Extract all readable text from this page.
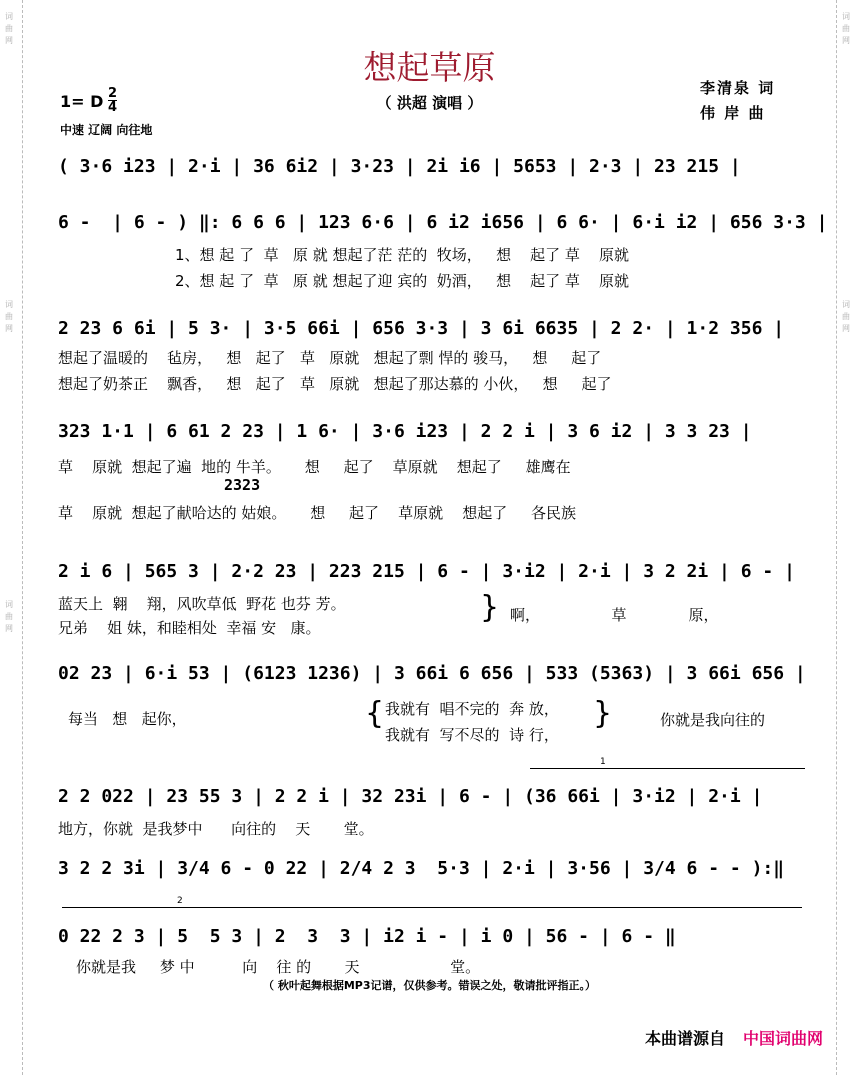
词
曲
网
词
曲
网
词
曲
网
词
曲
网
词
曲
网
想起草原
（ 洪超 演唱 ）
李清泉 词
伟 岸 曲
1= D $\frac{2}{4}$
中速 辽阔 向往地
( 3·6 i23 | 2·i | 36 6i2 | 3·23 | 2i i6 | 5653 | 2·3 | 23 215 |
6 -  | 6 - ) ‖: 6 6 6 | 123 6·6 | 6 i2 i656 | 6 6· | 6·i i2 | 656 3·3 |
1、想 起 了  草   原 就 想起了茫 茫的  牧场，   想    起了 草    原就
2、想 起 了  草   原 就 想起了迎 宾的  奶酒，   想    起了 草    原就
2 23 6 6i | 5 3· | 3·5 66i | 656 3·3 | 3 6i 6635 | 2 2· | 1·2 356 |
想起了温暖的    毡房，   想   起了   草   原就   想起了剽 悍的 骏马，   想     起了
想起了奶茶正    飘香，   想   起了   草   原就   想起了那达慕的 小伙，   想     起了
323 1·1 | 6 61 2 23 | 1 6· | 3·6 i23 | 2 2 i | 3 6 i2 | 3 3 23 |
草    原就  想起了遍  地的 牛羊。     想     起了    草原就    想起了     雄鹰在
2323
草    原就  想起了献哈达的 姑娘。     想     起了    草原就    想起了     各民族
2 i 6 | 565 3 | 2·2 23 | 223 215 | 6 - | 3·i2 | 2·i | 3 2 2i | 6 - |
蓝天上  翱    翔，风吹草低  野花 也芬 芳。
兄弟    姐 妹，和睦相处  幸福 安   康。
} 啊，               草             原，
02 23 | 6·i 53 | (6123 1236) | 3 66i 6 656 | 533 (5363) | 3 66i 656 |
每当   想   起你，	{ 我就有  唱不完的  奔 放，
我就有  写不尽的  诗 行，
}	你就是我向往的
1
2 2 022 | 23 55 3 | 2 2 i | 32 23i | 6 - | (36 66i | 3·i2 | 2·i |
地方，你就  是我梦中      向往的    天       堂。
3 2 2 3i | 3/4 6 - 0 22 | 2/4 2 3  5·3 | 2·i | 3·56 | 3/4 6 - - ):‖
2
0 22 2 3 | 5  5 3 | 2  3  3 | i2 i - | i 0 | 56 - | 6 - ‖
你就是我     梦 中          向    往 的       天                   堂。
（ 秋叶起舞根据MP3记谱，仅供参考。错误之处，敬请批评指正。）
本曲谱源自 中国词曲网
